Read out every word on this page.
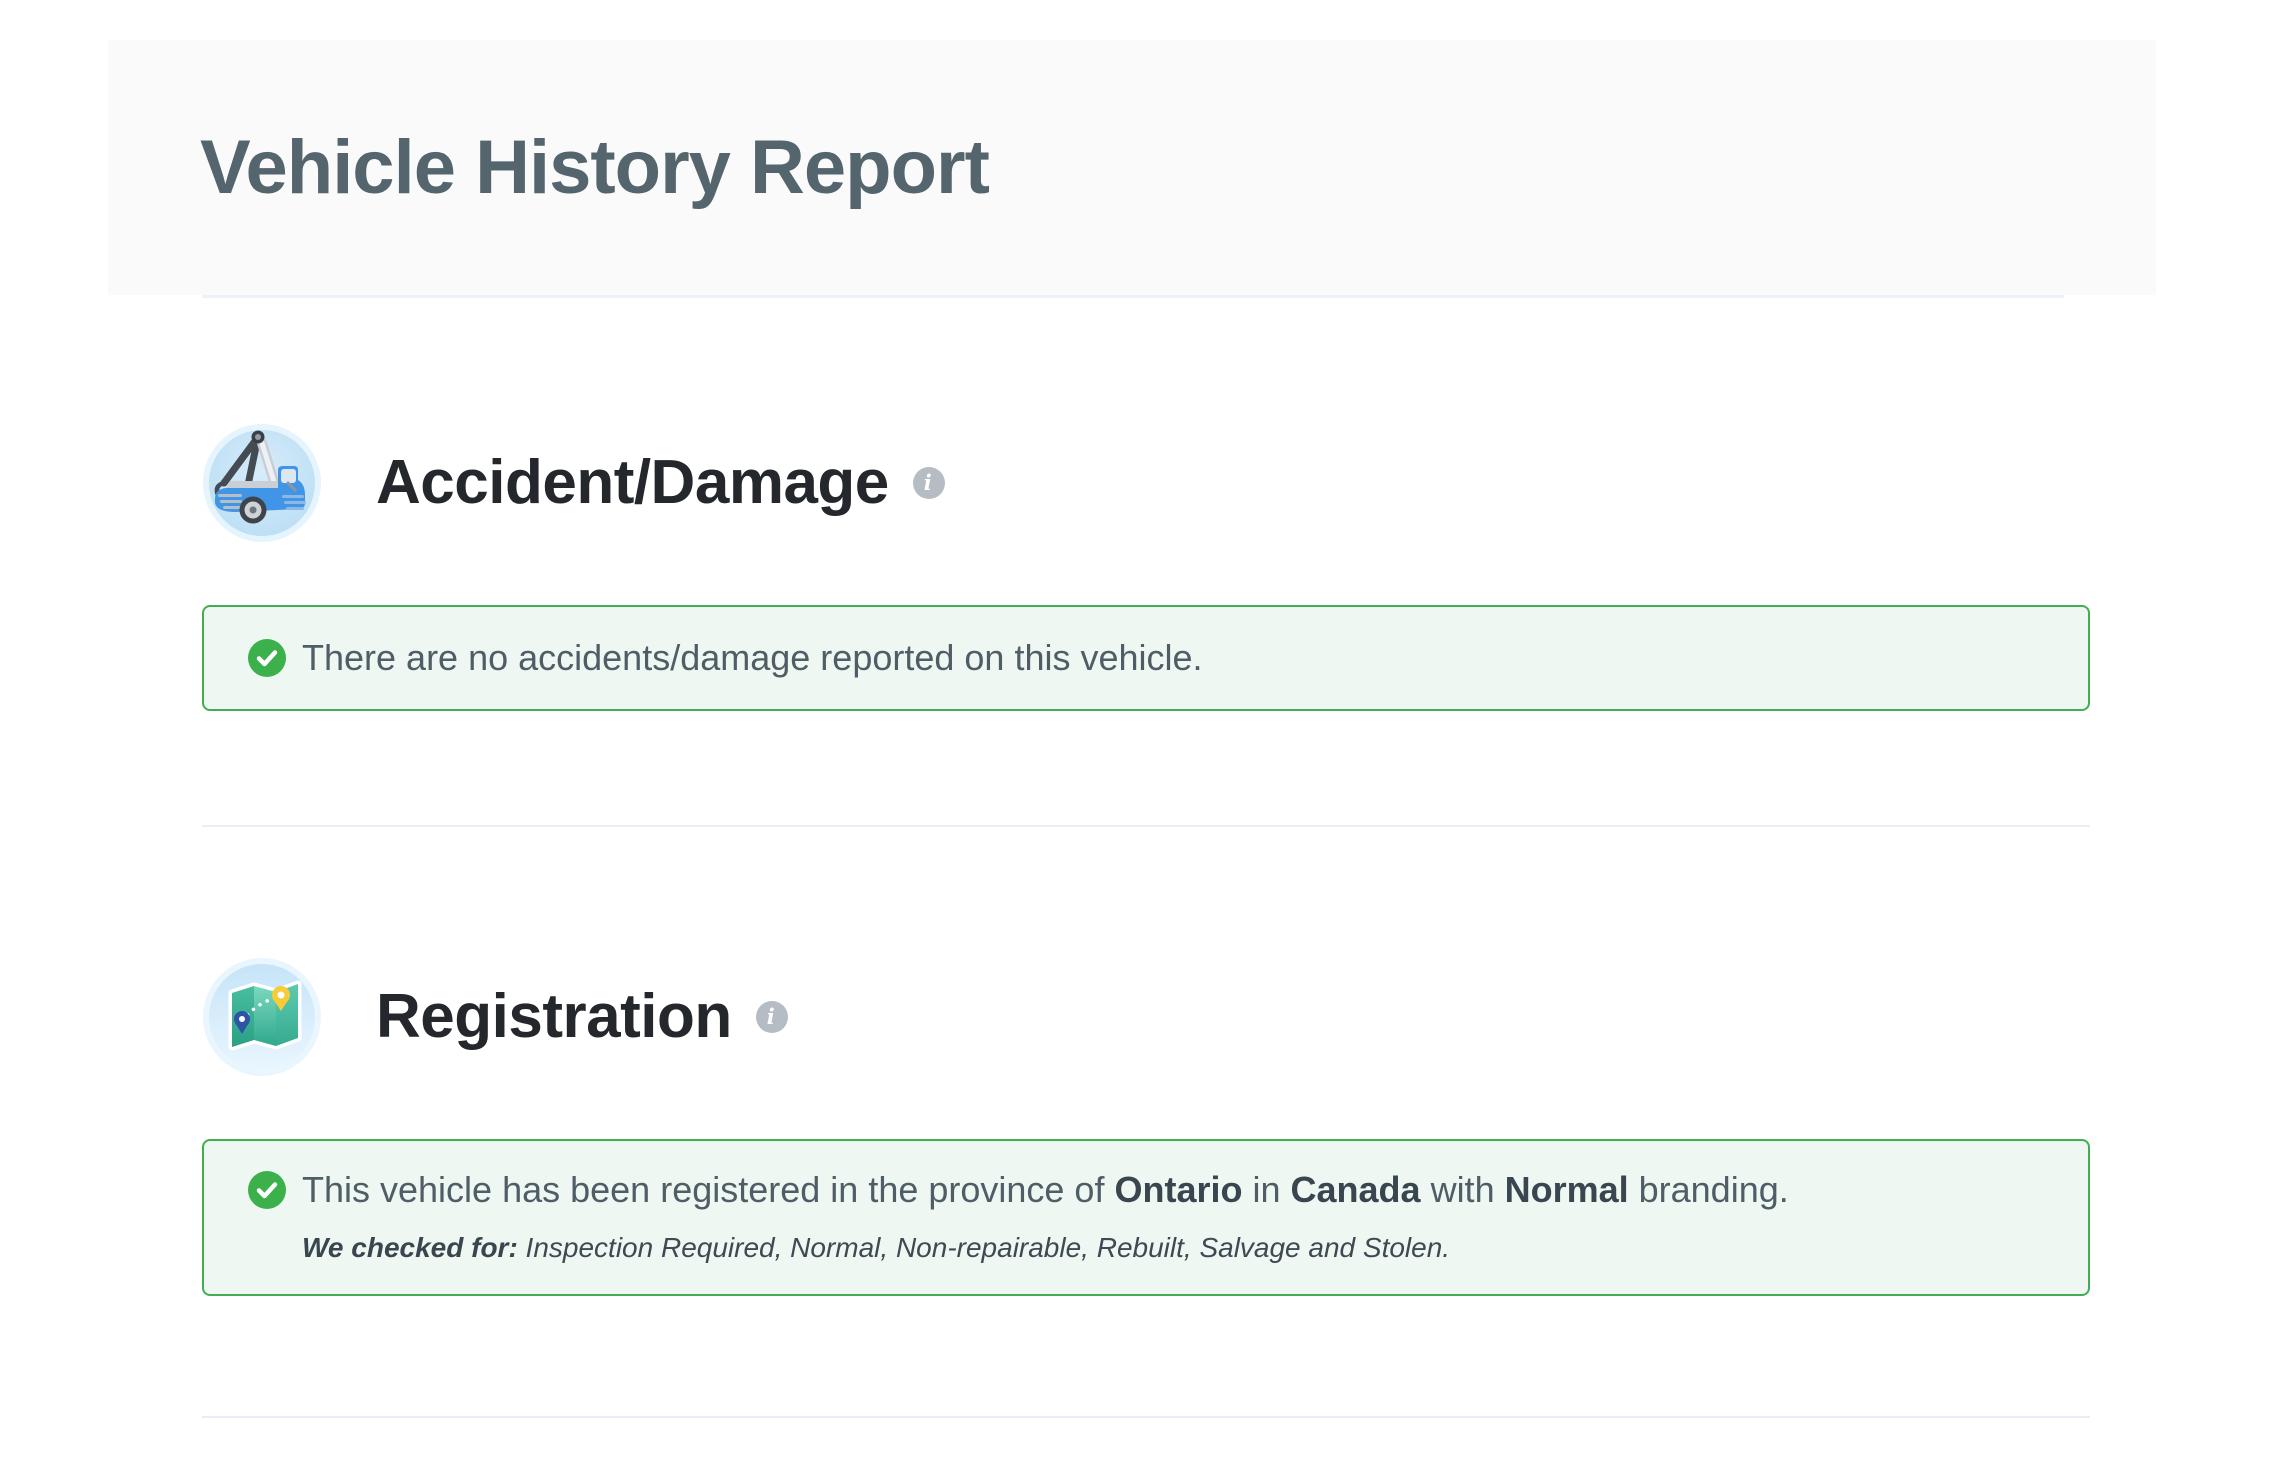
Vehicle History Report
Accident/Damage i

There are no accidents/damage reported on this vehicle.

Registration i

This vehicle has been registered in the province of Ontario in Canada with Normal branding.

We checked for: Inspection Required, Normal, Non-repairable, Rebuilt, Salvage and Stolen.
